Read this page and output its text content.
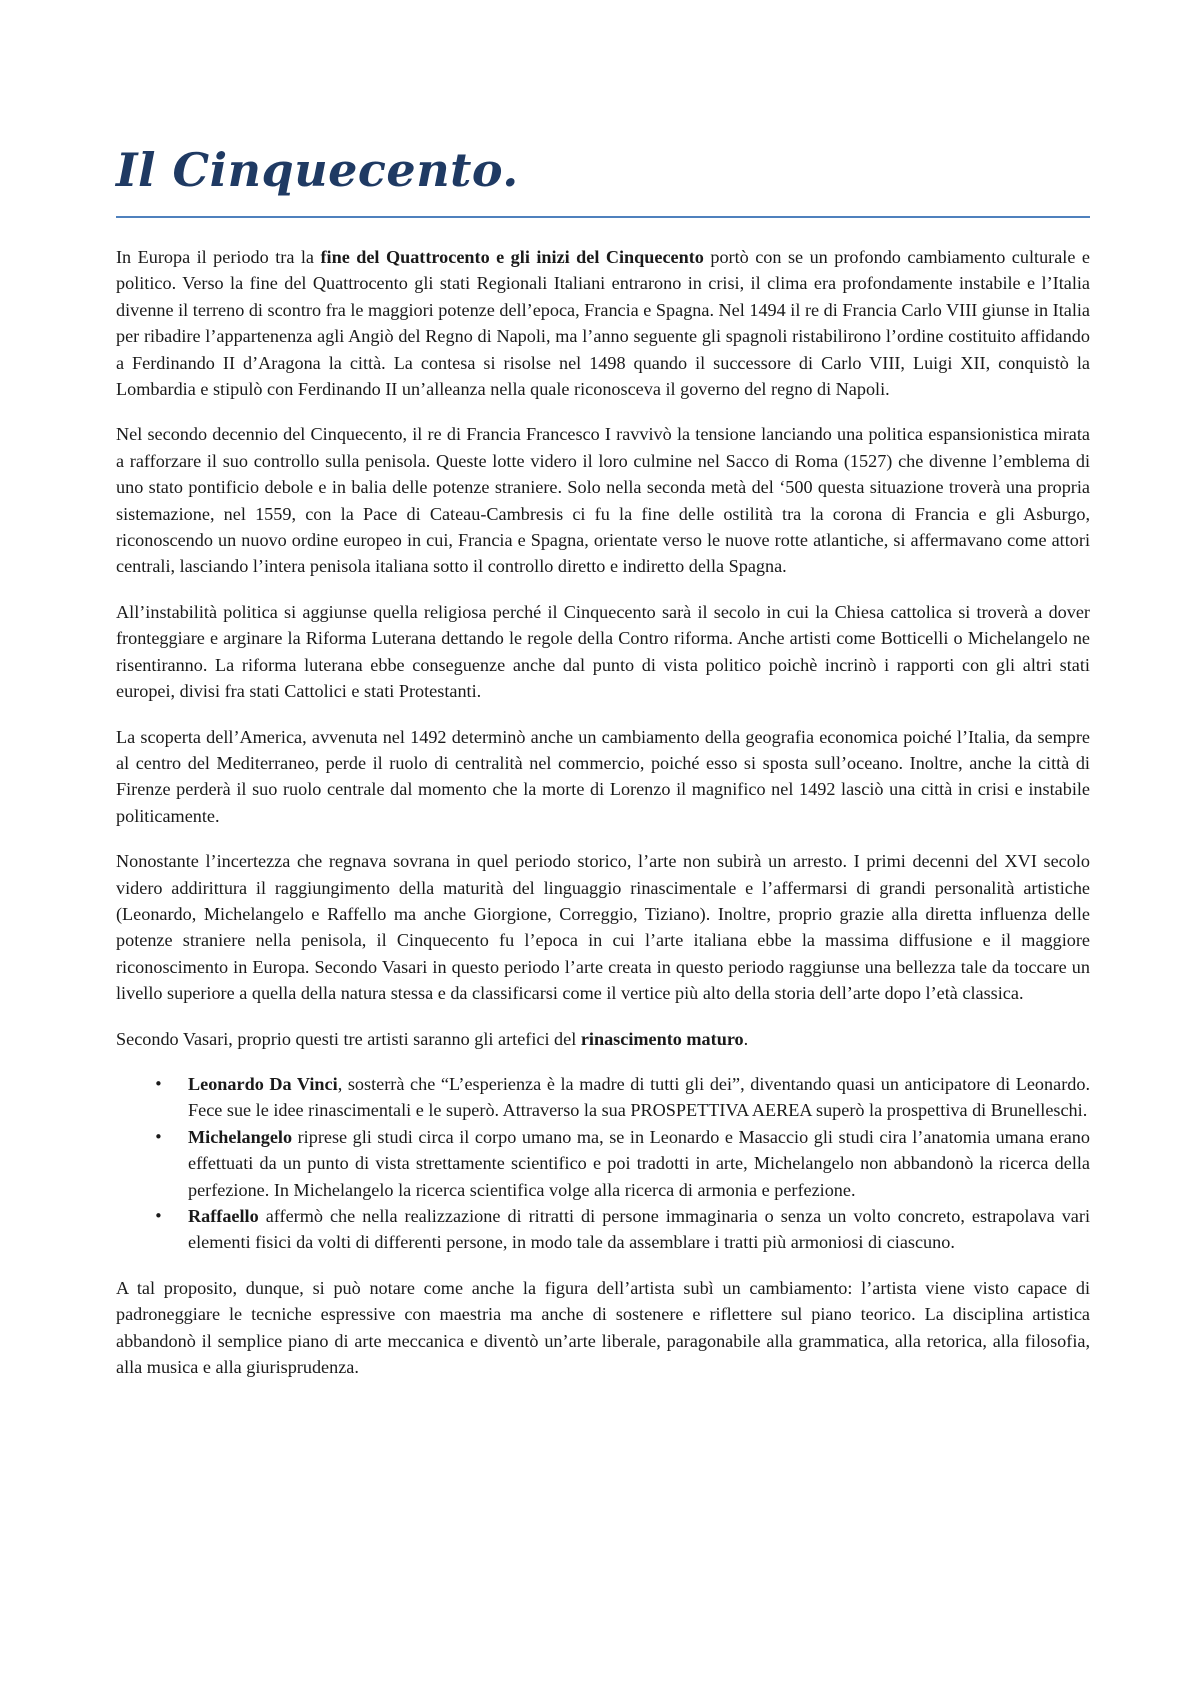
Il Cinquecento.

In Europa il periodo tra la fine del Quattrocento e gli inizi del Cinquecento portò con se un profondo cambiamento culturale e politico. Verso la fine del Quattrocento gli stati Regionali Italiani entrarono in crisi, il clima era profondamente instabile e l’Italia divenne il terreno di scontro fra le maggiori potenze dell’epoca, Francia e Spagna. Nel 1494 il re di Francia Carlo VIII giunse in Italia per ribadire l’appartenenza agli Angiò del Regno di Napoli, ma l’anno seguente gli spagnoli ristabilirono l’ordine costituito affidando a Ferdinando II d’Aragona la città. La contesa si risolse nel 1498 quando il successore di Carlo VIII, Luigi XII, conquistò la Lombardia e stipulò con Ferdinando II un’alleanza nella quale riconosceva il governo del regno di Napoli.

Nel secondo decennio del Cinquecento, il re di Francia Francesco I ravvivò la tensione lanciando una politica espansionistica mirata a rafforzare il suo controllo sulla penisola. Queste lotte videro il loro culmine nel Sacco di Roma (1527) che divenne l’emblema di uno stato pontificio debole e in balia delle potenze straniere. Solo nella seconda metà del ‘500 questa situazione troverà una propria sistemazione, nel 1559, con la Pace di Cateau-Cambresis ci fu la fine delle ostilità tra la corona di Francia e gli Asburgo, riconoscendo un nuovo ordine europeo in cui, Francia e Spagna, orientate verso le nuove rotte atlantiche, si affermavano come attori centrali, lasciando l’intera penisola italiana sotto il controllo diretto e indiretto della Spagna.

All’instabilità politica si aggiunse quella religiosa perché il Cinquecento sarà il secolo in cui la Chiesa cattolica si troverà a dover fronteggiare e arginare la Riforma Luterana dettando le regole della Contro riforma. Anche artisti come Botticelli o Michelangelo ne risentiranno. La riforma luterana ebbe conseguenze anche dal punto di vista politico poichè incrinò i rapporti con gli altri stati europei, divisi fra stati Cattolici e stati Protestanti.

La scoperta dell’America, avvenuta nel 1492 determinò anche un cambiamento della geografia economica poiché l’Italia, da sempre al centro del Mediterraneo, perde il ruolo di centralità nel commercio, poiché esso si sposta sull’oceano. Inoltre, anche la città di Firenze perderà il suo ruolo centrale dal momento che la morte di Lorenzo il magnifico nel 1492 lasciò una città in crisi e instabile politicamente.

Nonostante l’incertezza che regnava sovrana in quel periodo storico, l’arte non subirà un arresto. I primi decenni del XVI secolo videro addirittura il raggiungimento della maturità del linguaggio rinascimentale e l’affermarsi di grandi personalità artistiche (Leonardo, Michelangelo e Raffello ma anche Giorgione, Correggio, Tiziano). Inoltre, proprio grazie alla diretta influenza delle potenze straniere nella penisola, il Cinquecento fu l’epoca in cui l’arte italiana ebbe la massima diffusione e il maggiore riconoscimento in Europa. Secondo Vasari in questo periodo l’arte creata in questo periodo raggiunse una bellezza tale da toccare un livello superiore a quella della natura stessa e da classificarsi come il vertice più alto della storia dell’arte dopo l’età classica.

Secondo Vasari, proprio questi tre artisti saranno gli artefici del rinascimento maturo.

• Leonardo Da Vinci, sosterrà che “L’esperienza è la madre di tutti gli dei”, diventando quasi un anticipatore di Leonardo. Fece sue le idee rinascimentali e le superò. Attraverso la sua PROSPETTIVA AEREA superò la prospettiva di Brunelleschi.
• Michelangelo riprese gli studi circa il corpo umano ma, se in Leonardo e Masaccio gli studi cira l’anatomia umana erano effettuati da un punto di vista strettamente scientifico e poi tradotti in arte, Michelangelo non abbandonò la ricerca della perfezione. In Michelangelo la ricerca scientifica volge alla ricerca di armonia e perfezione.
• Raffaello affermò che nella realizzazione di ritratti di persone immaginaria o senza un volto concreto, estrapolava vari elementi fisici da volti di differenti persone, in modo tale da assemblare i tratti più armoniosi di ciascuno.

A tal proposito, dunque, si può notare come anche la figura dell’artista subì un cambiamento: l’artista viene visto capace di padroneggiare le tecniche espressive con maestria ma anche di sostenere e riflettere sul piano teorico. La disciplina artistica abbandonò il semplice piano di arte meccanica e diventò un’arte liberale, paragonabile alla grammatica, alla retorica, alla filosofia, alla musica e alla giurisprudenza.
